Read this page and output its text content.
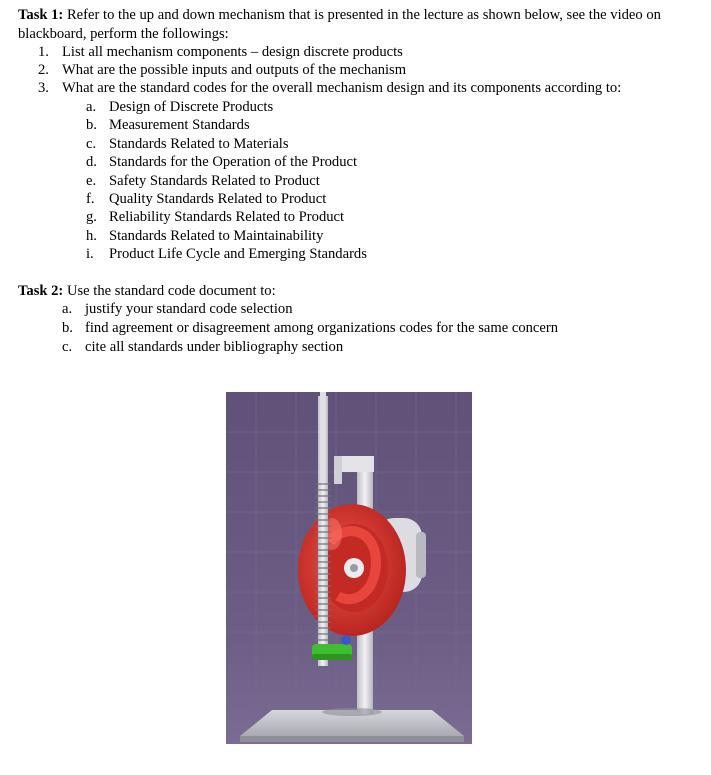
Task 1: Refer to the up and down mechanism that is presented in the lecture as shown below, see the video on blackboard, perform the followings:
1. List all mechanism components – design discrete products
2. What are the possible inputs and outputs of the mechanism
3. What are the standard codes for the overall mechanism design and its components according to:
a. Design of Discrete Products
b. Measurement Standards
c. Standards Related to Materials
d. Standards for the Operation of the Product
e. Safety Standards Related to Product
f. Quality Standards Related to Product
g. Reliability Standards Related to Product
h. Standards Related to Maintainability
i. Product Life Cycle and Emerging Standards
Task 2: Use the standard code document to:
a. justify your standard code selection
b. find agreement or disagreement among organizations codes for the same concern
c. cite all standards under bibliography section
